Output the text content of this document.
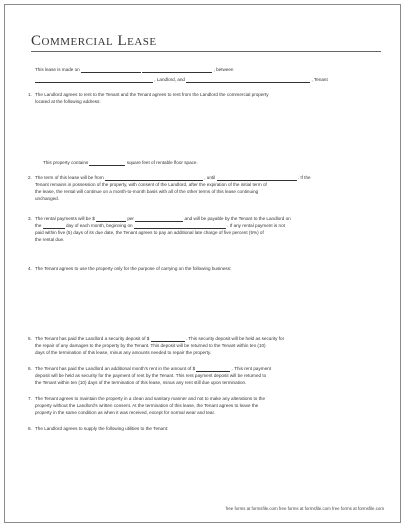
Commercial Lease
This lease is made on	, between
, Landlord, and	, Tenant
1. The Landlord agrees to rent to the Tenant and the Tenant agrees to rent from the Landlord the commercial property
located at the following address:
This property contains	square feet of rentable floor space.
2. The term of this lease will be from	, until	. If the
Tenant remains in possession of the property, with consent of the Landlord, after the expiration of the initial term of
the lease, the rental will continue on a month-to-month basis with all of the other terms of this lease continuing
unchanged.
3. The rental payments will be $	per	and will be payable by the Tenant to the Landlord on
the	day of each month, beginning on	. If any rental payment is not
paid within five (5) days of its due date, the Tenant agrees to pay an additional late charge of five percent (5%) of
the rental due.
4. The Tenant agrees to use the property only for the purpose of carrying on the following business:
5. The Tenant has paid the Landlord a security deposit of $	. This security deposit will be held as security for
the repair of any damages to the property by the Tenant. This deposit will be returned to the Tenant within ten (10)
days of the termination of this lease, minus any amounts needed to repair the property.
6. The Tenant has paid the Landlord an additional month's rent in the amount of $	. This rent payment
deposit will be held as security for the payment of rent by the Tenant. This rent payment deposit will be returned to
the Tenant within ten (10) days of the termination of this lease, minus any rent still due upon termination.
7. The Tenant agrees to maintain the property in a clean and sanitary manner and not to make any alterations to the
property without the Landlord's written consent. At the termination of this lease, the Tenant agrees to leave the
property in the same condition as when it was received, except for normal wear and tear.
8. The Landlord agrees to supply the following utilities to the Tenant:
free forms at formsfile.com free forms at formsfile.com free forms at formsfile.com
